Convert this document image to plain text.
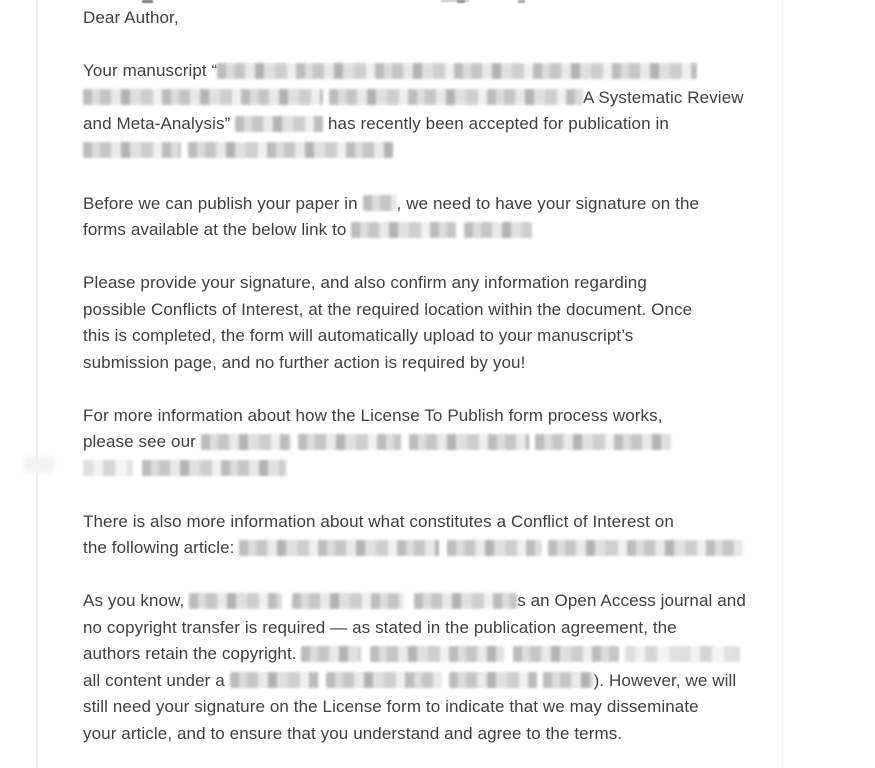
Dear Author,
Your manuscript “
A Systematic Review
and Meta-Analysis”	has recently been accepted for publication in
Before we can publish your paper in , we need to have your signature on the
forms available at the below link to
Please provide your signature, and also confirm any information regarding
possible Conflicts of Interest, at the required location within the document. Once
this is completed, the form will automatically upload to your manuscript’s
submission page, and no further action is required by you!
For more information about how the License To Publish form process works,
please see our
There is also more information about what constitutes a Conflict of Interest on
the following article:
As you know,	s an Open Access journal and
no copyright transfer is required — as stated in the publication agreement, the
authors retain the copyright.
all content under a	). However, we will
still need your signature on the License form to indicate that we may disseminate
your article, and to ensure that you understand and agree to the terms.
